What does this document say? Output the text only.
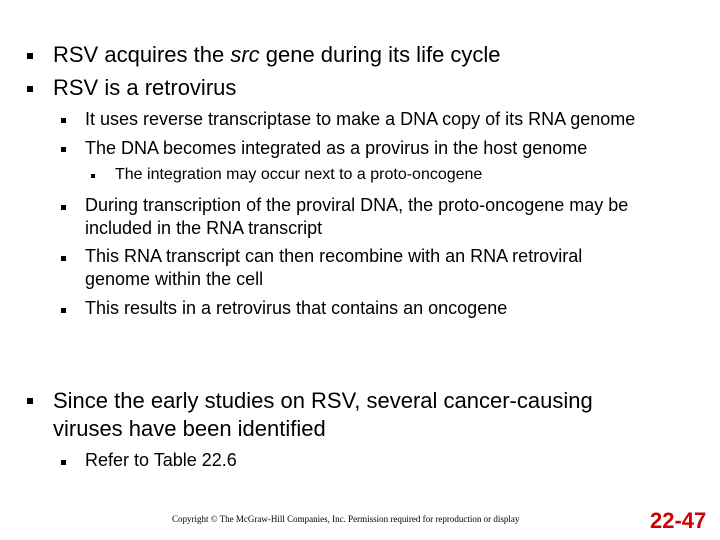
RSV acquires the src gene during its life cycle
RSV is a retrovirus
It uses reverse transcriptase to make a DNA copy of its RNA genome
The DNA becomes integrated as a provirus in the host genome
The integration may occur next to a proto-oncogene
During transcription of the proviral DNA, the proto-oncogene may be
included in the RNA transcript
This RNA transcript can then recombine with an RNA retroviral
genome within the cell
This results in a retrovirus that contains an oncogene
Since the early studies on RSV, several cancer-causing
viruses have been identified
Refer to Table 22.6
Copyright © The McGraw-Hill Companies, Inc. Permission required for reproduction or display	22-47
